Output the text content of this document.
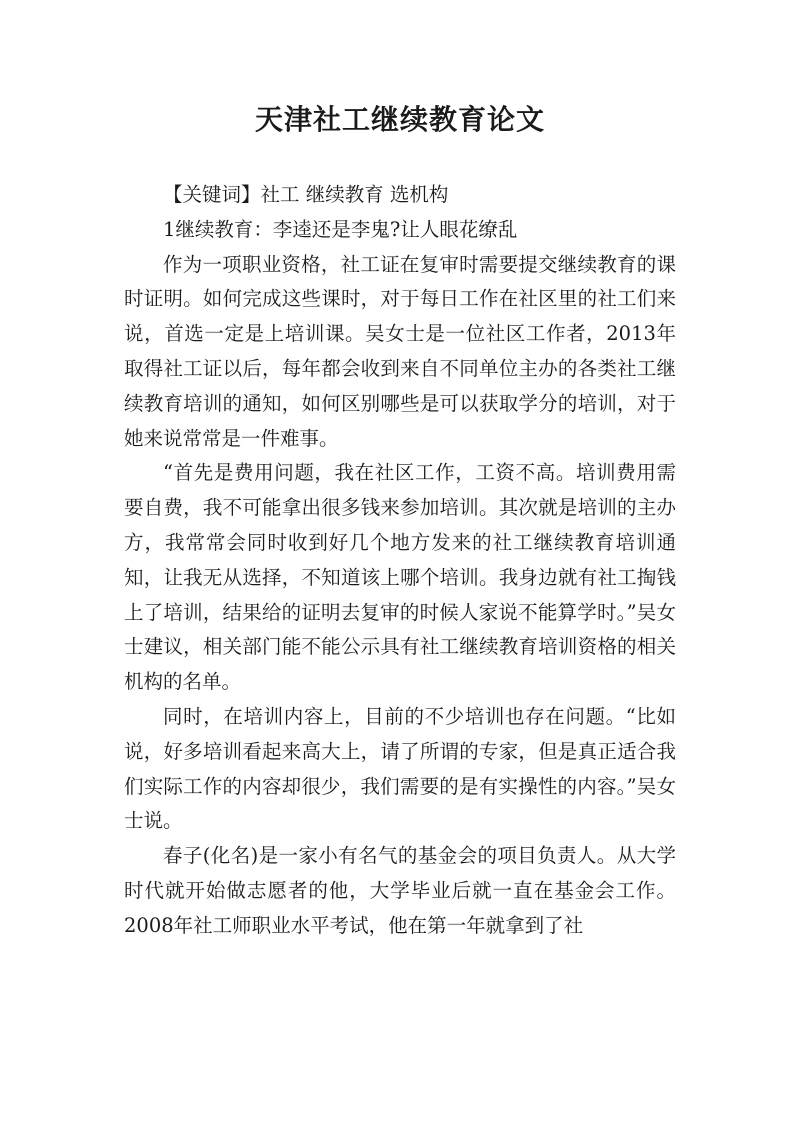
天津社工继续教育论文

【关键词】社工 继续教育 选机构

1继续教育：李逵还是李鬼?让人眼花缭乱

作为一项职业资格，社工证在复审时需要提交继续教育的课时证明。如何完成这些课时，对于每日工作在社区里的社工们来说，首选一定是上培训课。吴女士是一位社区工作者，2013年取得社工证以后，每年都会收到来自不同单位主办的各类社工继续教育培训的通知，如何区别哪些是可以获取学分的培训，对于她来说常常是一件难事。

“首先是费用问题，我在社区工作，工资不高。培训费用需要自费，我不可能拿出很多钱来参加培训。其次就是培训的主办方，我常常会同时收到好几个地方发来的社工继续教育培训通知，让我无从选择，不知道该上哪个培训。我身边就有社工掏钱上了培训，结果给的证明去复审的时候人家说不能算学时。”吴女士建议，相关部门能不能公示具有社工继续教育培训资格的相关机构的名单。

同时，在培训内容上，目前的不少培训也存在问题。“比如说，好多培训看起来高大上，请了所谓的专家，但是真正适合我们实际工作的内容却很少，我们需要的是有实操性的内容。”吴女士说。

春子(化名)是一家小有名气的基金会的项目负责人。从大学时代就开始做志愿者的他，大学毕业后就一直在基金会工作。2008年社工师职业水平考试，他在第一年就拿到了社
